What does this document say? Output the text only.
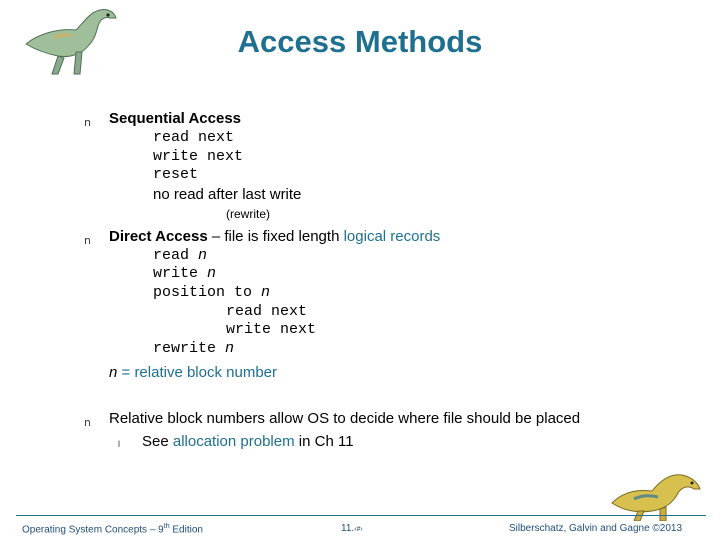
Access Methods
n Sequential Access
read next
write next
reset
no read after last write
(rewrite)
n Direct Access – file is fixed length logical records
read n
write n
position to n
read next
write next
rewrite n
n = relative block number
n Relative block numbers allow OS to decide where file should be placed
l See allocation problem in Ch 11
Operating System Concepts – 9th Edition	11.‹#›	Silberschatz, Galvin and Gagne ©2013
